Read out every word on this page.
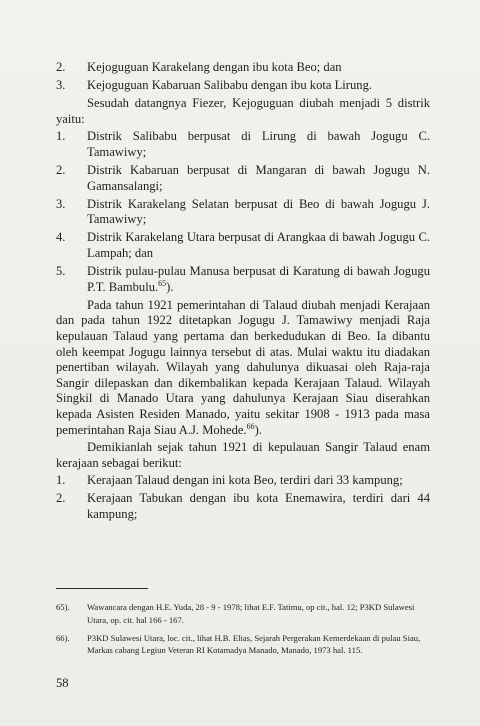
2.	Kejoguguan Karakelang dengan ibu kota Beo; dan
3.	Kejoguguan Kabaruan Salibabu dengan ibu kota Lirung.
Sesudah datangnya Fiezer, Kejoguguan diubah menjadi 5 distrik yaitu:
1.	Distrik Salibabu berpusat di Lirung di bawah Jogugu C. Tamawiwy;
2.	Distrik Kabaruan berpusat di Mangaran di bawah Jogugu N. Gamansalangi;
3.	Distrik Karakelang Selatan berpusat di Beo di bawah Jogugu J. Tamawiwy;
4.	Distrik Karakelang Utara berpusat di Arangkaa di bawah Jogugu C. Lampah; dan
5.	Distrik pulau-pulau Manusa berpusat di Karatung di bawah Jogugu P.T. Bambulu.$^{65}$).
Pada tahun 1921 pemerintahan di Talaud diubah menjadi Kerajaan dan pada tahun 1922 ditetapkan Jogugu J. Tamawiwy menjadi Raja kepulauan Talaud yang pertama dan berkedudukan di Beo. Ia dibantu oleh keempat Jogugu lainnya tersebut di atas. Mulai waktu itu diadakan penertiban wilayah. Wilayah yang dahulunya dikuasai oleh Raja-raja Sangir dilepaskan dan dikembalikan kepada Kerajaan Talaud. Wilayah Singkil di Manado Utara yang dahulunya Kerajaan Siau diserahkan kepada Asisten Residen Manado, yaitu sekitar 1908 - 1913 pada masa pemerintahan Raja Siau A.J. Mohede.$^{66}$).
Demikianlah sejak tahun 1921 di kepulauan Sangir Talaud enam kerajaan sebagai berikut:
1.	Kerajaan Talaud dengan ini kota Beo, terdiri dari 33 kampung;
2.	Kerajaan Tabukan dengan ibu kota Enemawira, terdiri dari 44 kampung;
65).	Wawancara dengan H.E. Yuda, 28 - 9 - 1978; lihat E.F. Tatimu, op cit., hal. 12; P3KD Sulawesi Utara, op. cit. hal 166 - 167.
66).	P3KD Sulawesi Utara, loc. cit., lihat H.B. Elias, Sejarah Pergerakan Kemerdekaan di pulau Siau, Markas cabang Legiun Veteran RI Kotamadya Manado, Manado, 1973 hal. 115.
58
